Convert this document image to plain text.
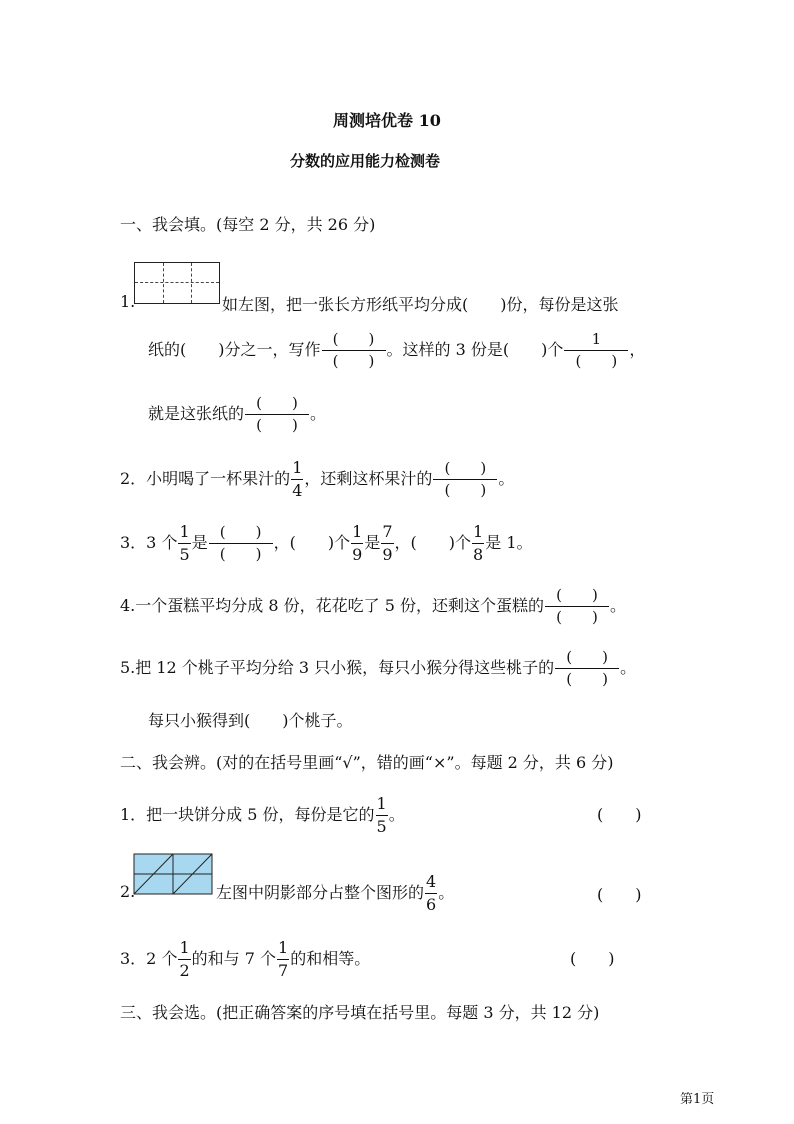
周测培优卷 10
分数的应用能力检测卷
一、我会填。(每空 2 分，共 26 分)
1.	如左图，把一张长方形纸平均分成(　　)份，每份是这张
纸的(　　)分之一，写作 $\frac{( )}{( )}$ 。这样的 3 份是(　　)个 $\frac{1}{( )}$ ，
就是这张纸的 $\frac{( )}{( )}$ 。
2．小明喝了一杯果汁的 $\frac{1}{4}$ ，还剩这杯果汁的 $\frac{( )}{( )}$ 。
3．3 个 $\frac{1}{5}$ 是 $\frac{( )}{( )}$ ，(　　)个 $\frac{1}{9}$ 是 $\frac{7}{9}$ ，(　　)个 $\frac{1}{8}$ 是 1。
4.一个蛋糕平均分成 8 份，花花吃了 5 份，还剩这个蛋糕的 $\frac{( )}{( )}$ 。
5.把 12 个桃子平均分给 3 只小猴，每只小猴分得这些桃子的 $\frac{( )}{( )}$ 。
每只小猴得到(　　)个桃子。
二、我会辨。(对的在括号里画“√”，错的画“×”。每题 2 分，共 6 分)
1．把一块饼分成 5 份，每份是它的 $\frac{1}{5}$ 。	(　　)
2.	左图中阴影部分占整个图形的 $\frac{4}{6}$ 。	(　　)
3．2 个 $\frac{1}{2}$ 的和与 7 个 $\frac{1}{7}$ 的和相等。	(　　)
三、我会选。(把正确答案的序号填在括号里。每题 3 分，共 12 分)
第1页
